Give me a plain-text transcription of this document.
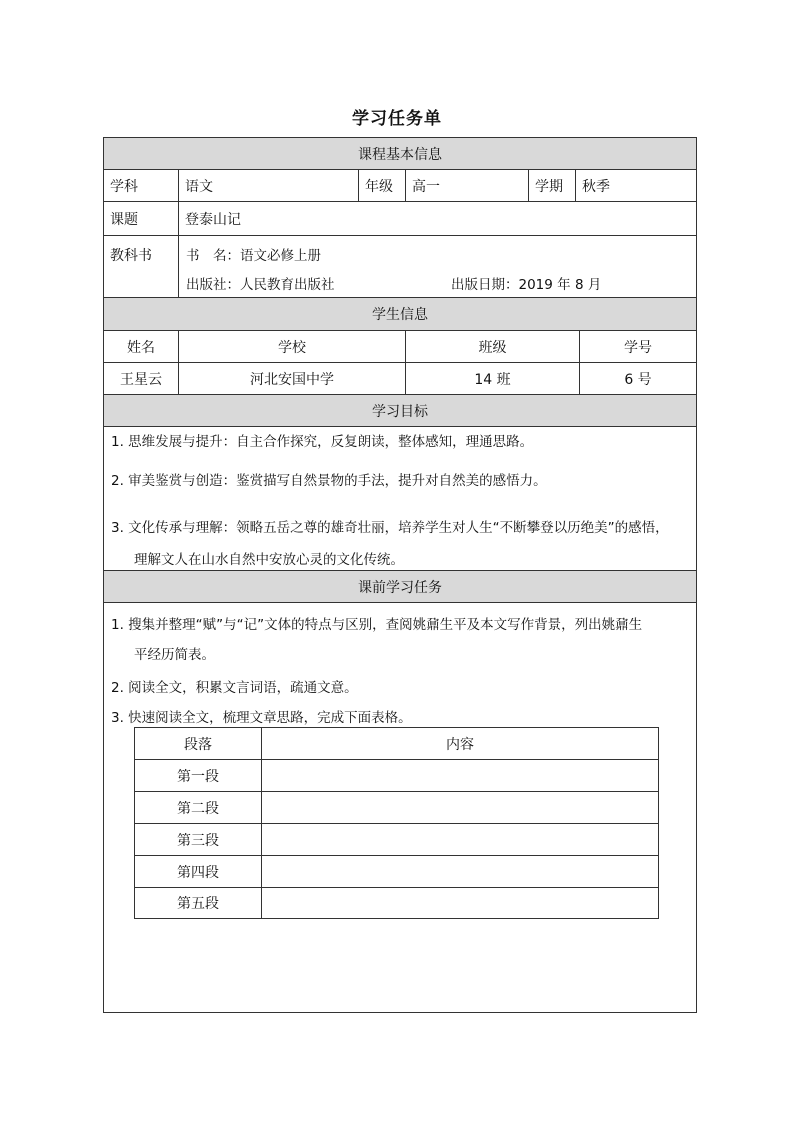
学习任务单
课程基本信息
学科	语文	年级	高一	学期	秋季
课题	登泰山记
教科书	书　名：语文必修上册
出版社：人民教育出版社	出版日期：2019 年 8 月
学生信息
姓名	学校	班级	学号
王星云	河北安国中学	14 班	6 号
学习目标
1. 思维发展与提升：自主合作探究，反复朗读，整体感知，理通思路。
2. 审美鉴赏与创造：鉴赏描写自然景物的手法，提升对自然美的感悟力。
3. 文化传承与理解：领略五岳之尊的雄奇壮丽，培养学生对人生“不断攀登以历绝美”的感悟，
理解文人在山水自然中安放心灵的文化传统。
课前学习任务
1. 搜集并整理“赋”与“记”文体的特点与区别，查阅姚鼐生平及本文写作背景，列出姚鼐生
平经历简表。
2. 阅读全文，积累文言词语，疏通文意。
3. 快速阅读全文，梳理文章思路，完成下面表格。
段落	内容
第一段
第二段
第三段
第四段
第五段
